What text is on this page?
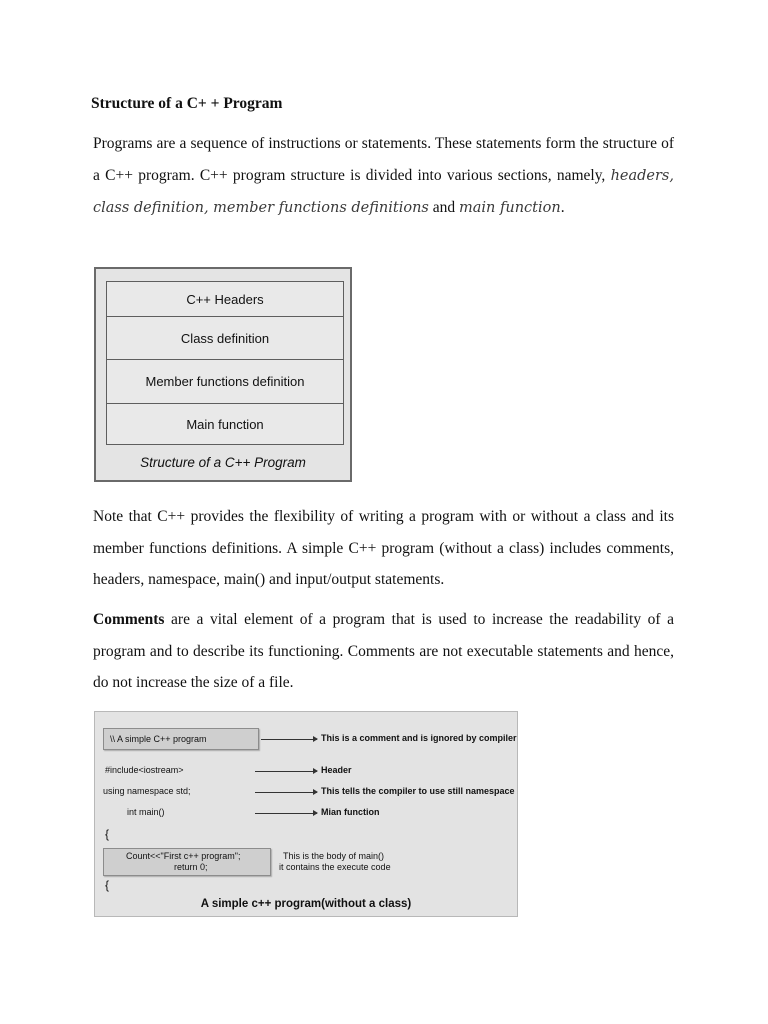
Structure of a C+ + Program

Programs are a sequence of instructions or statements. These statements form the structure of a C++ program. C++ program structure is divided into various sections, namely, headers, class definition, member functions definitions and main function.

C++ Headers
Class definition
Member functions definition
Main function
Structure of a C++ Program

Note that C++ provides the flexibility of writing a program with or without a class and its member functions definitions. A simple C++ program (without a class) includes comments, headers, namespace, main() and input/output statements.

Comments are a vital element of a program that is used to increase the readability of a program and to describe its functioning. Comments are not executable statements and hence, do not increase the size of a file.

\\ A simple C++ program	This is a comment and is ignored by compiler
#include<iostream>	Header
using namespace std;	This tells the compiler to use still namespace
int main()	Mian function
{
Count<<"First c++ program";
return 0;
This is the body of main()
it contains the execute code
{
A simple c++ program(without a class)
